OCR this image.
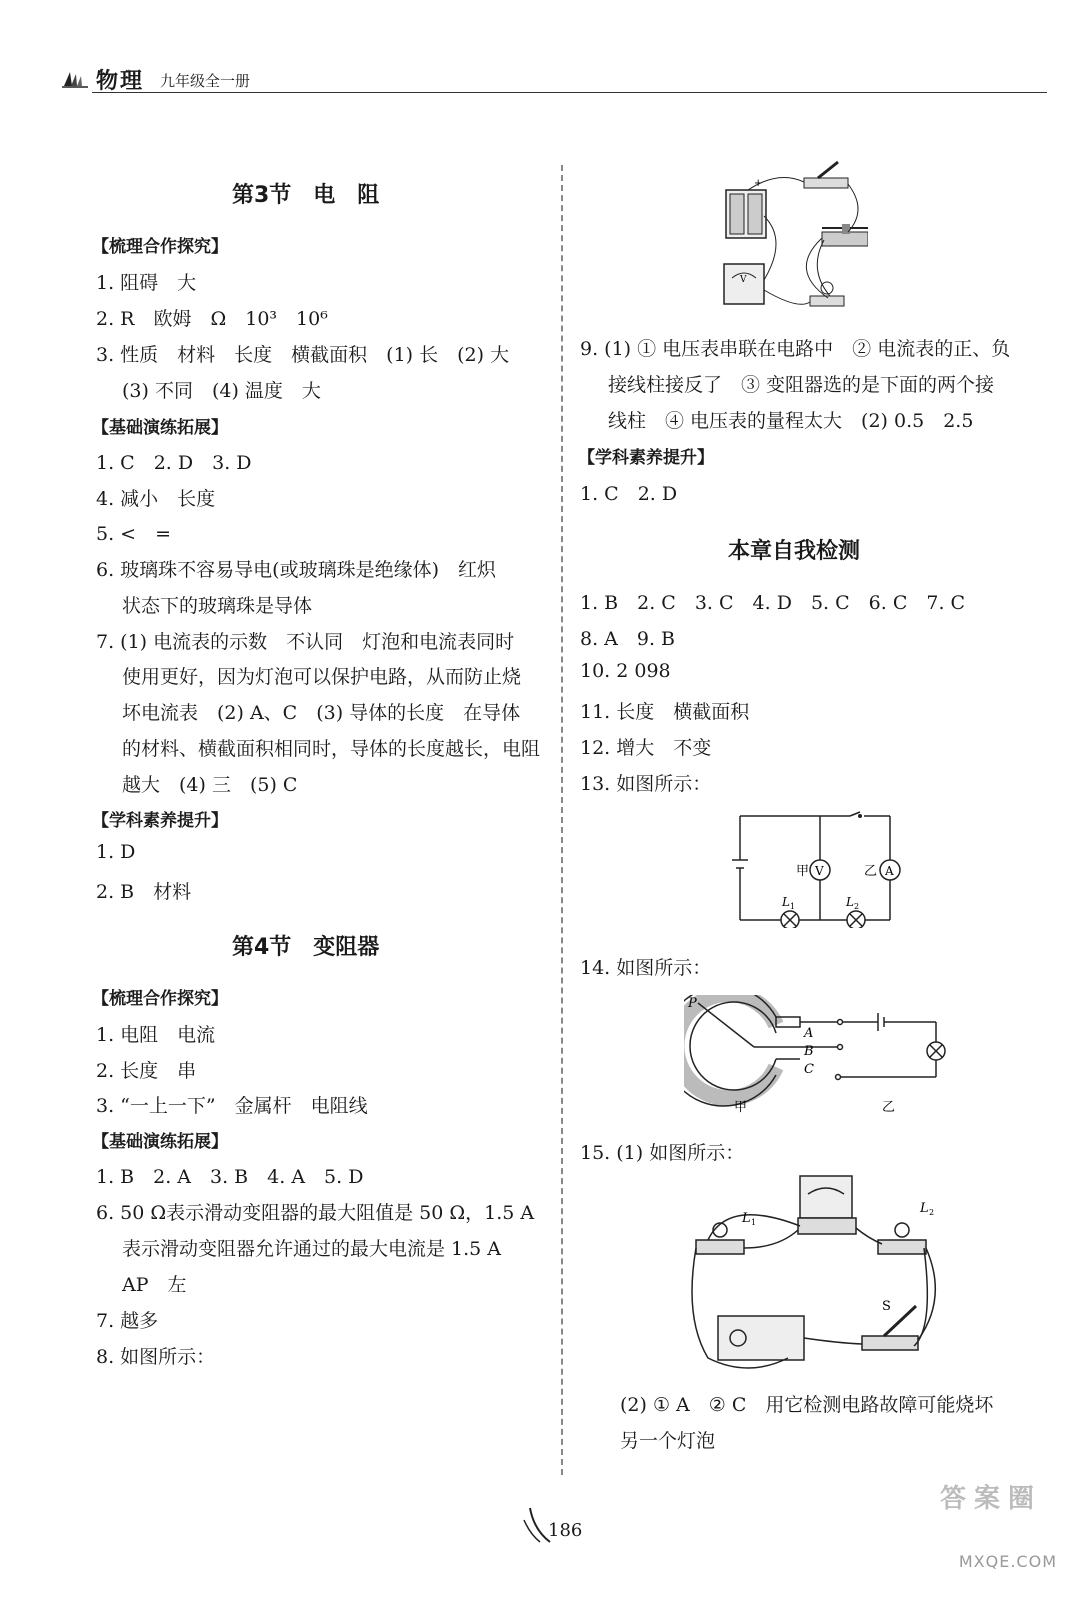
物理 九年级全一册
第3节　电　阻
【梳理合作探究】
1. 阻碍　大
2. R　欧姆　Ω　10³　10⁶
3. 性质　材料　长度　横截面积　(1) 长　(2) 大
(3) 不同　(4) 温度　大
【基础演练拓展】
1. C　2. D　3. D
4. 减小　长度
5. <　=
6. 玻璃珠不容易导电(或玻璃珠是绝缘体)　红炽
状态下的玻璃珠是导体
7. (1) 电流表的示数　不认同　灯泡和电流表同时
使用更好，因为灯泡可以保护电路，从而防止烧
坏电流表　(2) A、C　(3) 导体的长度　在导体
的材料、横截面积相同时，导体的长度越长，电阻
越大　(4) 三　(5) C
【学科素养提升】
1. D
2. B　材料
第4节　变阻器
【梳理合作探究】
1. 电阻　电流
2. 长度　串
3. “一上一下”　金属杆　电阻线
【基础演练拓展】
1. B　2. A　3. B　4. A　5. D
6. 50 Ω表示滑动变阻器的最大阻值是 50 Ω，1.5 A
表示滑动变阻器允许通过的最大电流是 1.5 A
AP　左
7. 越多
8. 如图所示：
+
V
9. (1) ① 电压表串联在电路中　② 电流表的正、负
接线柱接反了　③ 变阻器选的是下面的两个接
线柱　④ 电压表的量程太大　(2) 0.5　2.5
【学科素养提升】
1. C　2. D
本章自我检测
1. B　2. C　3. C　4. D　5. C　6. C　7. C
8. A　9. B
10. 2 098
11. 长度　横截面积
12. 增大　不变
13. 如图所示：
V	A
甲	乙
L 1	L 2
14. 如图所示：
P
A
B
C
甲	乙
15. (1) 如图所示：
L 1
L 2
S
(2) ① A　② C　用它检测电路故障可能烧坏
另一个灯泡
186
答案圈
MXQE.COM
